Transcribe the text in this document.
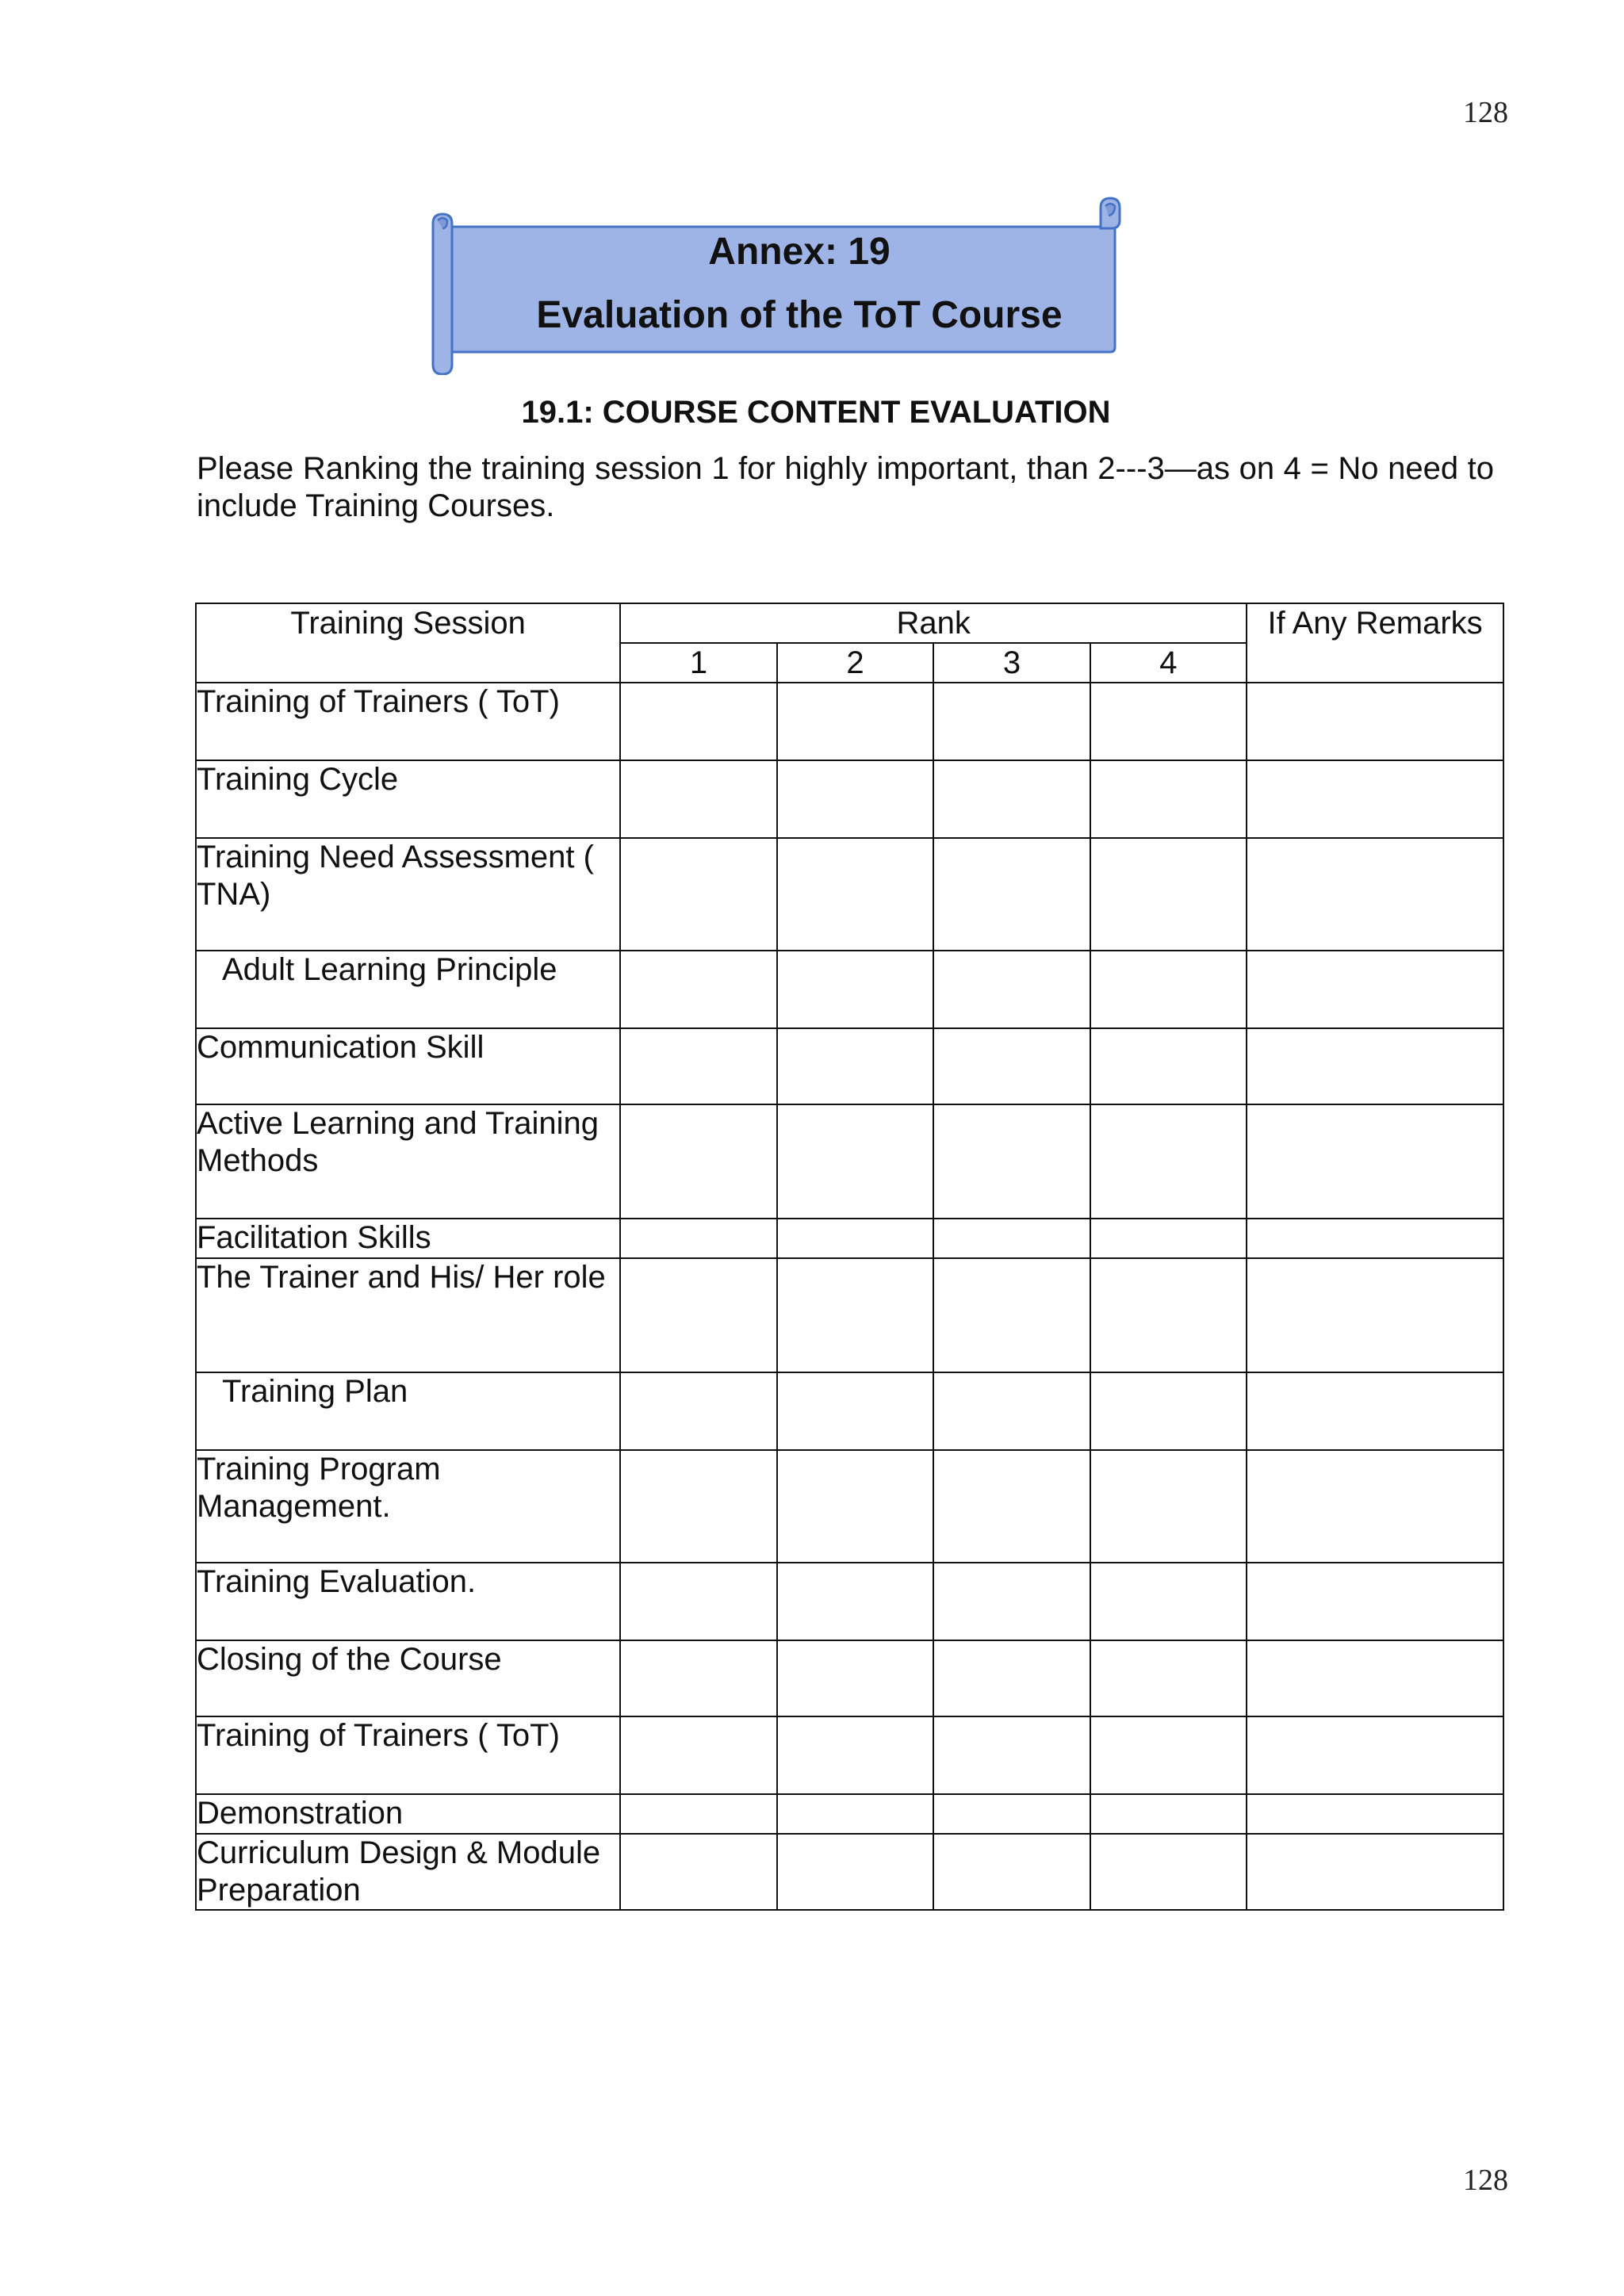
128
Annex: 19
Evaluation of the ToT Course
19.1: COURSE CONTENT EVALUATION
Please Ranking the training session 1 for highly important, than 2---3—as on 4 = No need to include Training Courses.
Training Session	Rank				If Any Remarks
	1	2	3	4	
Training of Trainers ( ToT)					
Training Cycle					
Training Need Assessment ( TNA)					
Adult Learning Principle					
Communication Skill					
Active Learning and Training Methods					
Facilitation Skills					
The Trainer and His/ Her role					
Training Plan					
Training Program Management.					
Training Evaluation.					
Closing of the Course					
Training of Trainers ( ToT)					
Demonstration					
Curriculum Design & Module Preparation					
128
